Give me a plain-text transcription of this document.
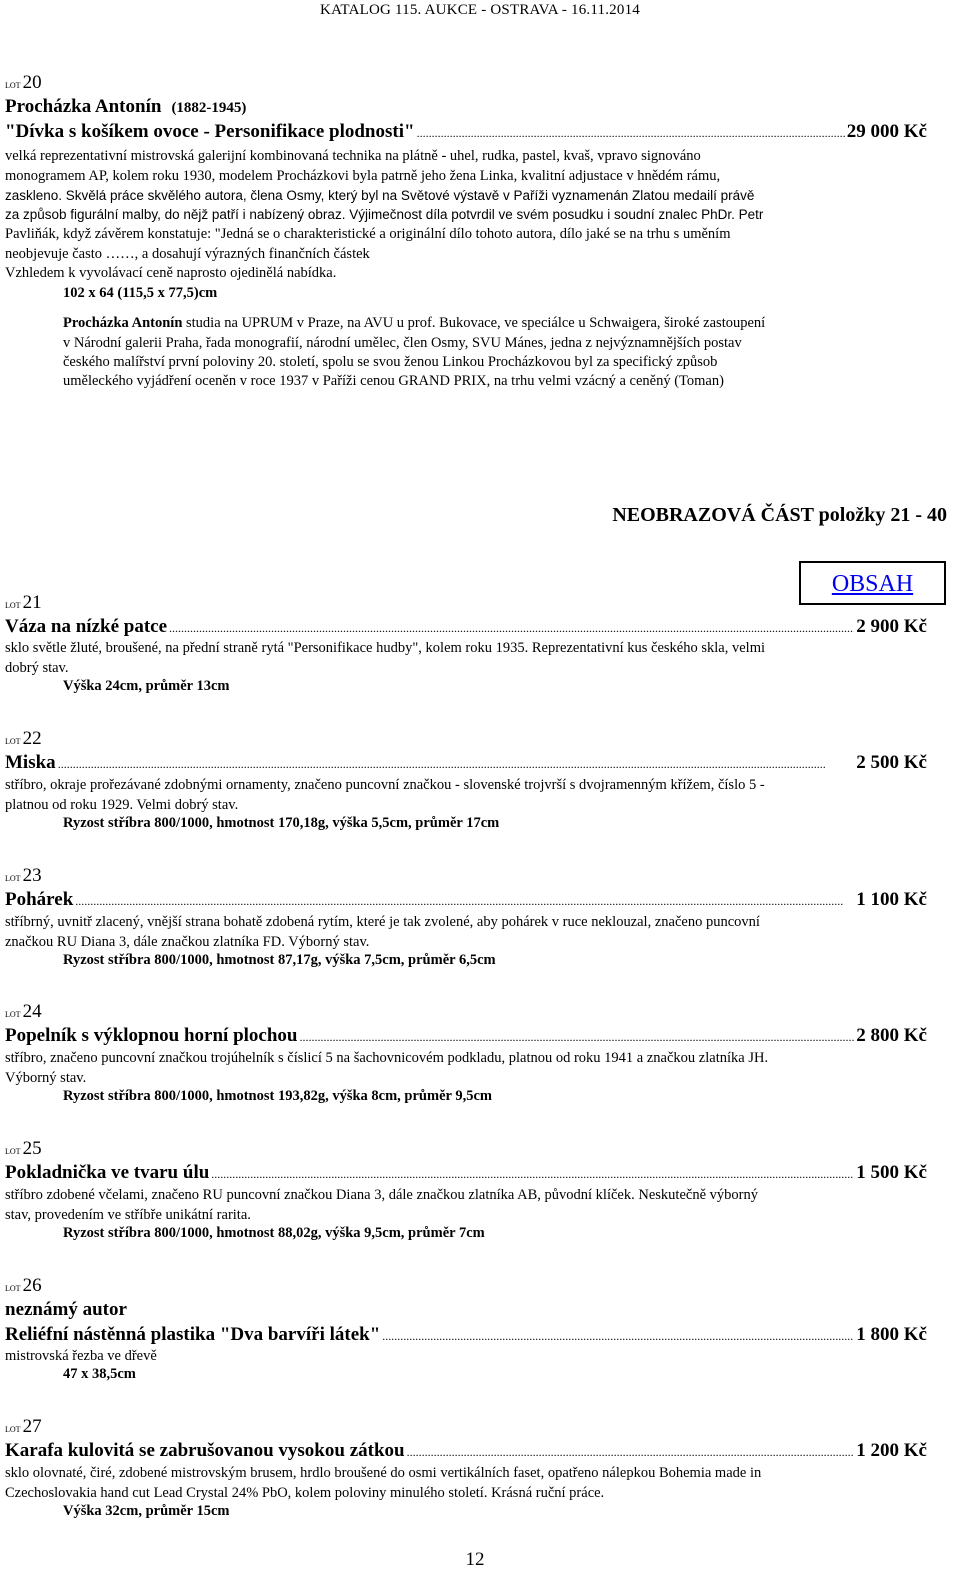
KATALOG 115. AUKCE - OSTRAVA - 16.11.2014
LOT 20
Procházka Antonín (1882-1945)
"Dívka s košíkem ovoce - Personifikace plodnosti" .....	29 000 Kč
velká reprezentativní mistrovská galerijní kombinovaná technika na plátně - uhel, rudka, pastel, kvaš, vpravo signováno
monogramem AP, kolem roku 1930, modelem Procházkovi byla patrně jeho žena Linka, kvalitní adjustace v hnědém rámu,
zaskleno. Skvělá práce skvělého autora, člena Osmy, který byl na Světové výstavě v Paříži vyznamenán Zlatou medailí právě
za způsob figurální malby, do nějž patří i nabízený obraz. Výjimečnost díla potvrdil ve svém posudku i soudní znalec PhDr. Petr
Pavliňák, když závěrem konstatuje: "Jedná se o charakteristické a originální dílo tohoto autora, dílo jaké se na trhu s uměním
neobjevuje často ……, a dosahují výrazných finančních částek
Vzhledem k vyvolávací ceně naprosto ojedinělá nabídka.
102 x 64 (115,5 x 77,5)cm
Procházka Antonín studia na UPRUM v Praze, na AVU u prof. Bukovace, ve speciálce u Schwaigera, široké zastoupení
v Národní galerii Praha, řada monografií, národní umělec, člen Osmy, SVU Mánes, jedna z nejvýznamnějších postav
českého malířství první poloviny 20. století, spolu se svou ženou Linkou Procházkovou byl za specifický způsob
uměleckého vyjádření oceněn v roce 1937 v Paříži cenou GRAND PRIX, na trhu velmi vzácný a ceněný (Toman)
NEOBRAZOVÁ ČÁST položky 21 - 40
OBSAH
LOT 21
Váza na nízké patce .....	2 900 Kč
sklo světle žluté, broušené, na přední straně rytá "Personifikace hudby", kolem roku 1935. Reprezentativní kus českého skla, velmi
dobrý stav.
Výška 24cm, průměr 13cm
LOT 22
Miska .....	2 500 Kč
stříbro, okraje prořezávané zdobnými ornamenty, značeno puncovní značkou - slovenské trojvrší s dvojramenným křížem, číslo 5 -
platnou od roku 1929. Velmi dobrý stav.
Ryzost stříbra 800/1000, hmotnost 170,18g, výška 5,5cm, průměr 17cm
LOT 23
Pohárek .....	1 100 Kč
stříbrný, uvnitř zlacený, vnější strana bohatě zdobená rytím, které je tak zvolené, aby pohárek v ruce neklouzal, značeno puncovní
značkou RU Diana 3, dále značkou zlatníka FD. Výborný stav.
Ryzost stříbra 800/1000, hmotnost 87,17g, výška 7,5cm, průměr 6,5cm
LOT 24
Popelník s výklopnou horní plochou .....	2 800 Kč
stříbro, značeno puncovní značkou trojúhelník s číslicí 5 na šachovnicovém podkladu, platnou od roku 1941 a značkou zlatníka JH.
Výborný stav.
Ryzost stříbra 800/1000, hmotnost 193,82g, výška 8cm, průměr 9,5cm
LOT 25
Pokladnička ve tvaru úlu .....	1 500 Kč
stříbro zdobené včelami, značeno RU puncovní značkou Diana 3, dále značkou zlatníka AB, původní klíček. Neskutečně výborný
stav, provedením ve stříbře unikátní rarita.
Ryzost stříbra 800/1000, hmotnost 88,02g, výška 9,5cm, průměr 7cm
LOT 26
neznámý autor
Reliéfní nástěnná plastika "Dva barvíři látek" .....	1 800 Kč
mistrovská řezba ve dřevě
47 x 38,5cm
LOT 27
Karafa kulovitá se zabrušovanou vysokou zátkou .....	1 200 Kč
sklo olovnaté, čiré, zdobené mistrovským brusem, hrdlo broušené do osmi vertikálních faset, opatřeno nálepkou Bohemia made in
Czechoslovakia hand cut Lead Crystal 24% PbO, kolem poloviny minulého století. Krásná ruční práce.
Výška 32cm, průměr 15cm
12
